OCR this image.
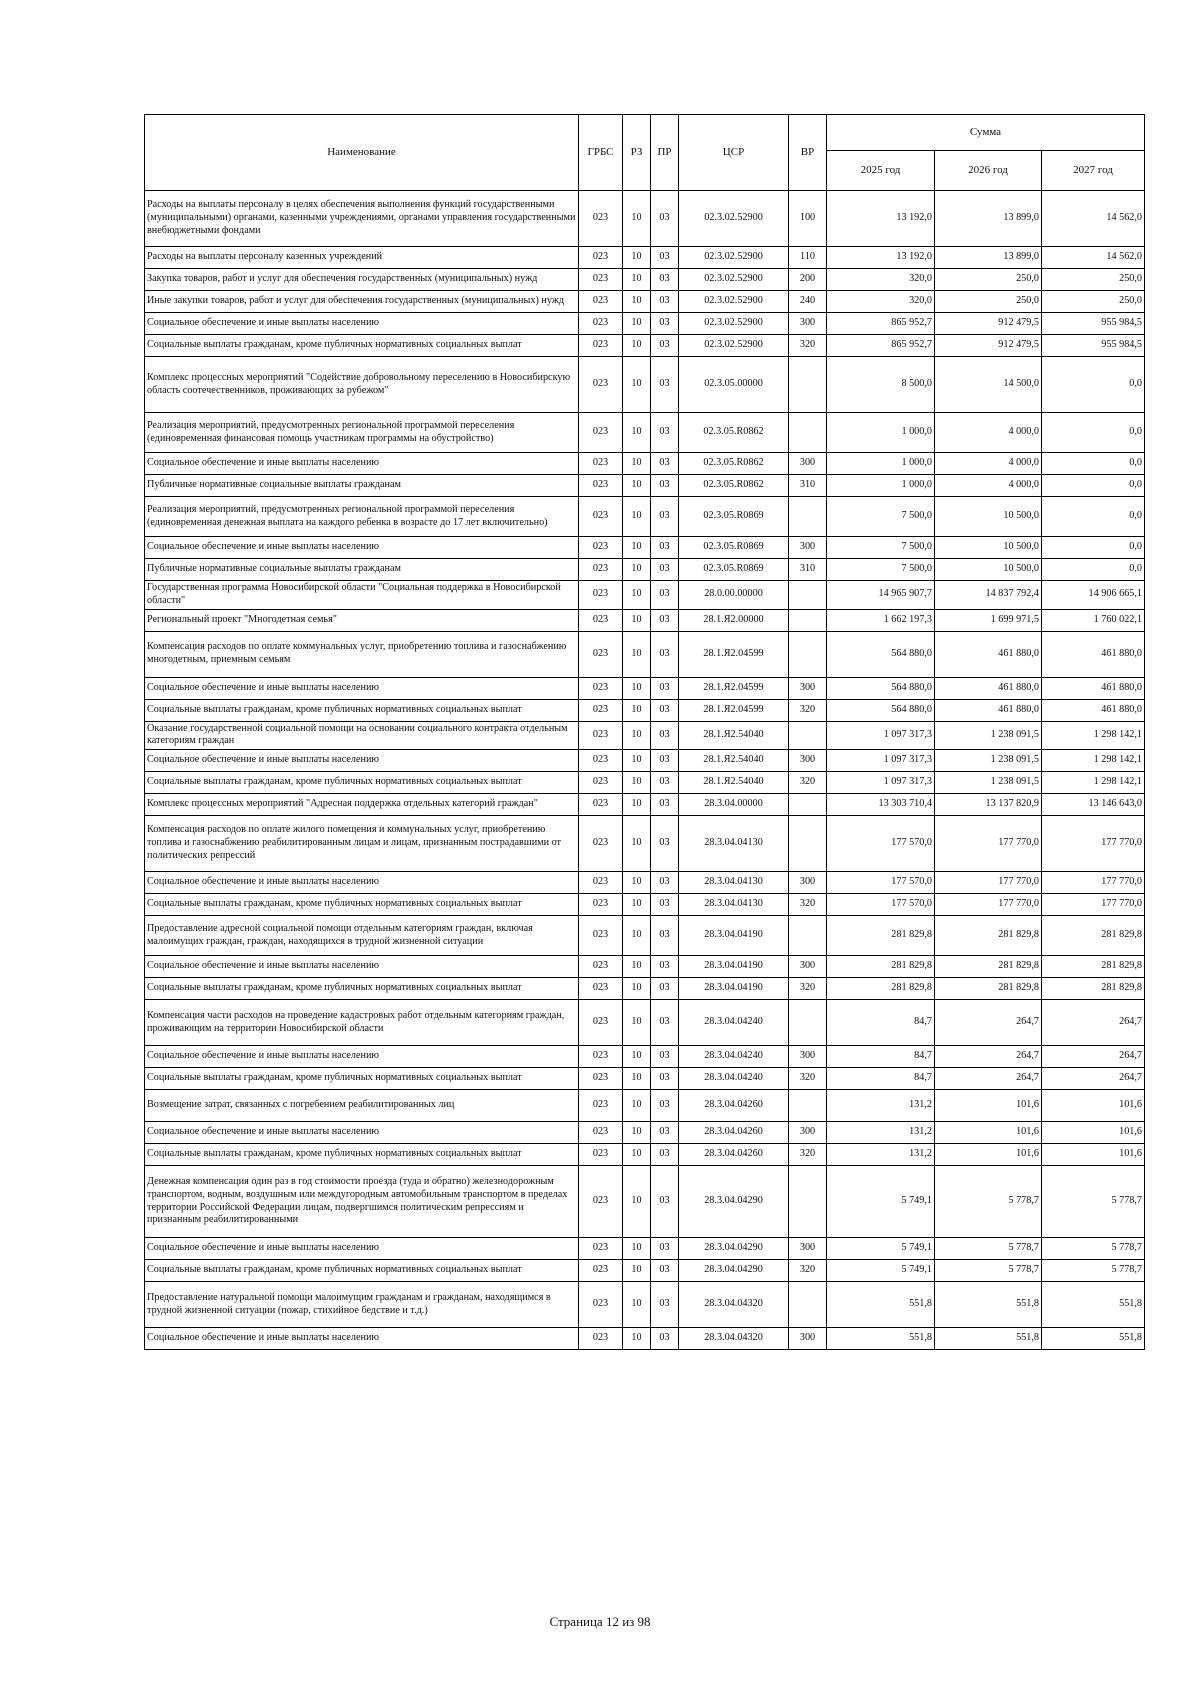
Наименование	ГРБС	РЗ	ПР	ЦСР	ВР	Сумма		
						2025 год	2026 год	2027 год
Расходы на выплаты персоналу в целях обеспечения выполнения функций государственными (муниципальными) органами, казенными учреждениями, органами управления государственными внебюджетными фондами	023	10	03	02.3.02.52900	100	13 192,0	13 899,0	14 562,0
Расходы на выплаты персоналу казенных учреждений	023	10	03	02.3.02.52900	110	13 192,0	13 899,0	14 562,0
Закупка товаров, работ и услуг для обеспечения государственных (муниципальных) нужд	023	10	03	02.3.02.52900	200	320,0	250,0	250,0
Иные закупки товаров, работ и услуг для обеспечения государственных (муниципальных) нужд	023	10	03	02.3.02.52900	240	320,0	250,0	250,0
Социальное обеспечение и иные выплаты населению	023	10	03	02.3.02.52900	300	865 952,7	912 479,5	955 984,5
Социальные выплаты гражданам, кроме публичных нормативных социальных выплат	023	10	03	02.3.02.52900	320	865 952,7	912 479,5	955 984,5
Комплекс процессных мероприятий "Содействие добровольному переселению в Новосибирскую область соотечественников, проживающих за рубежом"	023	10	03	02.3.05.00000		8 500,0	14 500,0	0,0
Реализация мероприятий, предусмотренных региональной программой переселения (единовременная финансовая помощь участникам программы на обустройство)	023	10	03	02.3.05.R0862		1 000,0	4 000,0	0,0
Социальное обеспечение и иные выплаты населению	023	10	03	02.3.05.R0862	300	1 000,0	4 000,0	0,0
Публичные нормативные социальные выплаты гражданам	023	10	03	02.3.05.R0862	310	1 000,0	4 000,0	0,0
Реализация мероприятий, предусмотренных региональной программой переселения (единовременная денежная выплата на каждого ребенка в возрасте до 17 лет включительно)	023	10	03	02.3.05.R0869		7 500,0	10 500,0	0,0
Социальное обеспечение и иные выплаты населению	023	10	03	02.3.05.R0869	300	7 500,0	10 500,0	0,0
Публичные нормативные социальные выплаты гражданам	023	10	03	02.3.05.R0869	310	7 500,0	10 500,0	0,0
Государственная программа Новосибирской области "Социальная поддержка в Новосибирской области"	023	10	03	28.0.00.00000		14 965 907,7	14 837 792,4	14 906 665,1
Региональный проект "Многодетная семья"	023	10	03	28.1.Я2.00000		1 662 197,3	1 699 971,5	1 760 022,1
Компенсация расходов по оплате коммунальных услуг, приобретению топлива и газоснабжению многодетным, приемным семьям	023	10	03	28.1.Я2.04599		564 880,0	461 880,0	461 880,0
Социальное обеспечение и иные выплаты населению	023	10	03	28.1.Я2.04599	300	564 880,0	461 880,0	461 880,0
Социальные выплаты гражданам, кроме публичных нормативных социальных выплат	023	10	03	28.1.Я2.04599	320	564 880,0	461 880,0	461 880,0
Оказание государственной социальной помощи на основании социального контракта отдельным категориям граждан	023	10	03	28.1.Я2.54040		1 097 317,3	1 238 091,5	1 298 142,1
Социальное обеспечение и иные выплаты населению	023	10	03	28.1.Я2.54040	300	1 097 317,3	1 238 091,5	1 298 142,1
Социальные выплаты гражданам, кроме публичных нормативных социальных выплат	023	10	03	28.1.Я2.54040	320	1 097 317,3	1 238 091,5	1 298 142,1
Комплекс процессных мероприятий "Адресная поддержка отдельных категорий граждан"	023	10	03	28.3.04.00000		13 303 710,4	13 137 820,9	13 146 643,0
Компенсация расходов по оплате жилого помещения и коммунальных услуг, приобретению топлива и газоснабжению реабилитированным лицам и лицам, признанным пострадавшими от политических репрессий	023	10	03	28.3.04.04130		177 570,0	177 770,0	177 770,0
Социальное обеспечение и иные выплаты населению	023	10	03	28.3.04.04130	300	177 570,0	177 770,0	177 770,0
Социальные выплаты гражданам, кроме публичных нормативных социальных выплат	023	10	03	28.3.04.04130	320	177 570,0	177 770,0	177 770,0
Предоставление адресной социальной помощи отдельным категориям граждан, включая малоимущих граждан, граждан, находящихся в трудной жизненной ситуации	023	10	03	28.3.04.04190		281 829,8	281 829,8	281 829,8
Социальное обеспечение и иные выплаты населению	023	10	03	28.3.04.04190	300	281 829,8	281 829,8	281 829,8
Социальные выплаты гражданам, кроме публичных нормативных социальных выплат	023	10	03	28.3.04.04190	320	281 829,8	281 829,8	281 829,8
Компенсация части расходов на проведение кадастровых работ отдельным категориям граждан, проживающим на территории Новосибирской области	023	10	03	28.3.04.04240		84,7	264,7	264,7
Социальное обеспечение и иные выплаты населению	023	10	03	28.3.04.04240	300	84,7	264,7	264,7
Социальные выплаты гражданам, кроме публичных нормативных социальных выплат	023	10	03	28.3.04.04240	320	84,7	264,7	264,7
Возмещение затрат, связанных с погребением реабилитированных лиц	023	10	03	28.3.04.04260		131,2	101,6	101,6
Социальное обеспечение и иные выплаты населению	023	10	03	28.3.04.04260	300	131,2	101,6	101,6
Социальные выплаты гражданам, кроме публичных нормативных социальных выплат	023	10	03	28.3.04.04260	320	131,2	101,6	101,6
Денежная компенсация один раз в год стоимости проезда (туда и обратно) железнодорожным транспортом, водным, воздушным или междугородным автомобильным транспортом в пределах территории Российской Федерации лицам, подвергшимся политическим репрессиям и признанным реабилитированными	023	10	03	28.3.04.04290		5 749,1	5 778,7	5 778,7
Социальное обеспечение и иные выплаты населению	023	10	03	28.3.04.04290	300	5 749,1	5 778,7	5 778,7
Социальные выплаты гражданам, кроме публичных нормативных социальных выплат	023	10	03	28.3.04.04290	320	5 749,1	5 778,7	5 778,7
Предоставление натуральной помощи малоимущим гражданам и гражданам, находящимся в трудной жизненной ситуации (пожар, стихийное бедствие и т.д.)	023	10	03	28.3.04.04320		551,8	551,8	551,8
Социальное обеспечение и иные выплаты населению	023	10	03	28.3.04.04320	300	551,8	551,8	551,8
Страница 12 из 98
